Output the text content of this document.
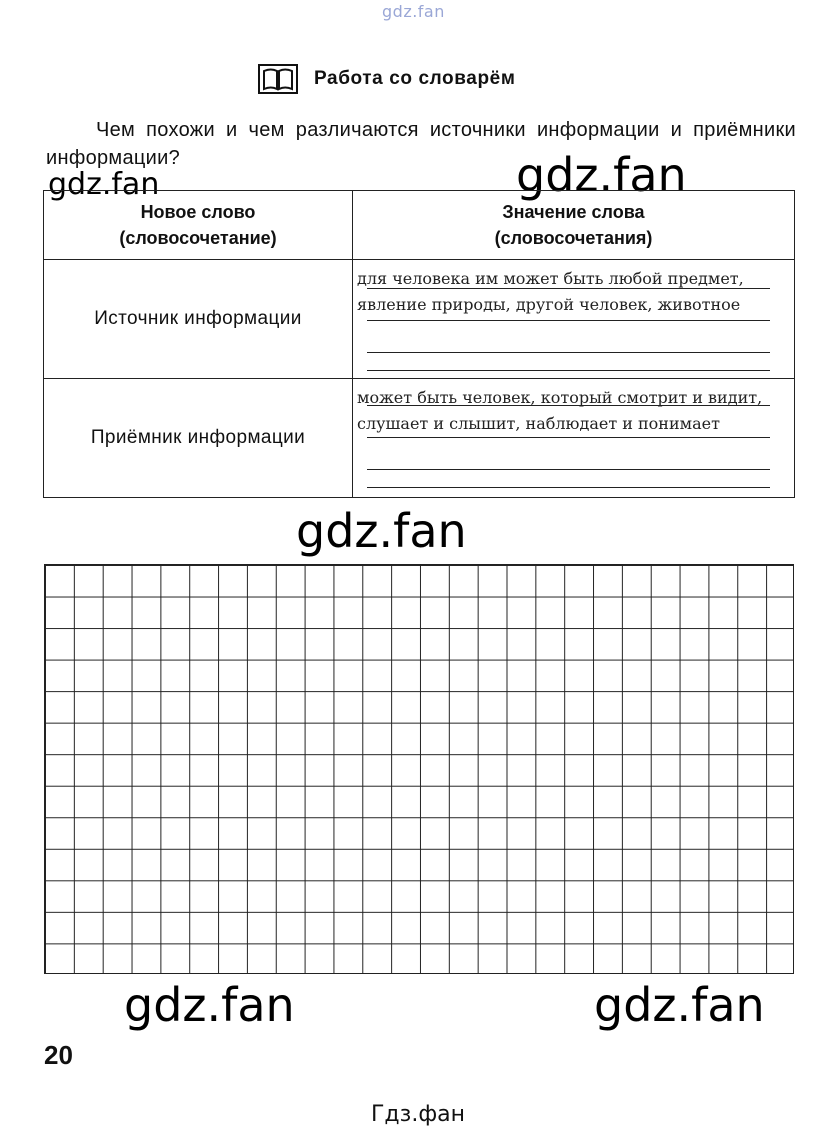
gdz.fan
Работа со словарём
Чем похожи и чем различаются источники информации и приёмники информации?
gdz.fan	gdz.fan
Новое слово
(словосочетание)	Значение слова
(словосочетания)
Источник информации	для человека им может быть любой предмет, явление природы, другой человек, животное

Приёмник информации	может быть человек, который смотрит и видит, слушает и слышит, наблюдает и понимает
gdz.fan
gdz.fan	gdz.fan
20
Гдз.фан
